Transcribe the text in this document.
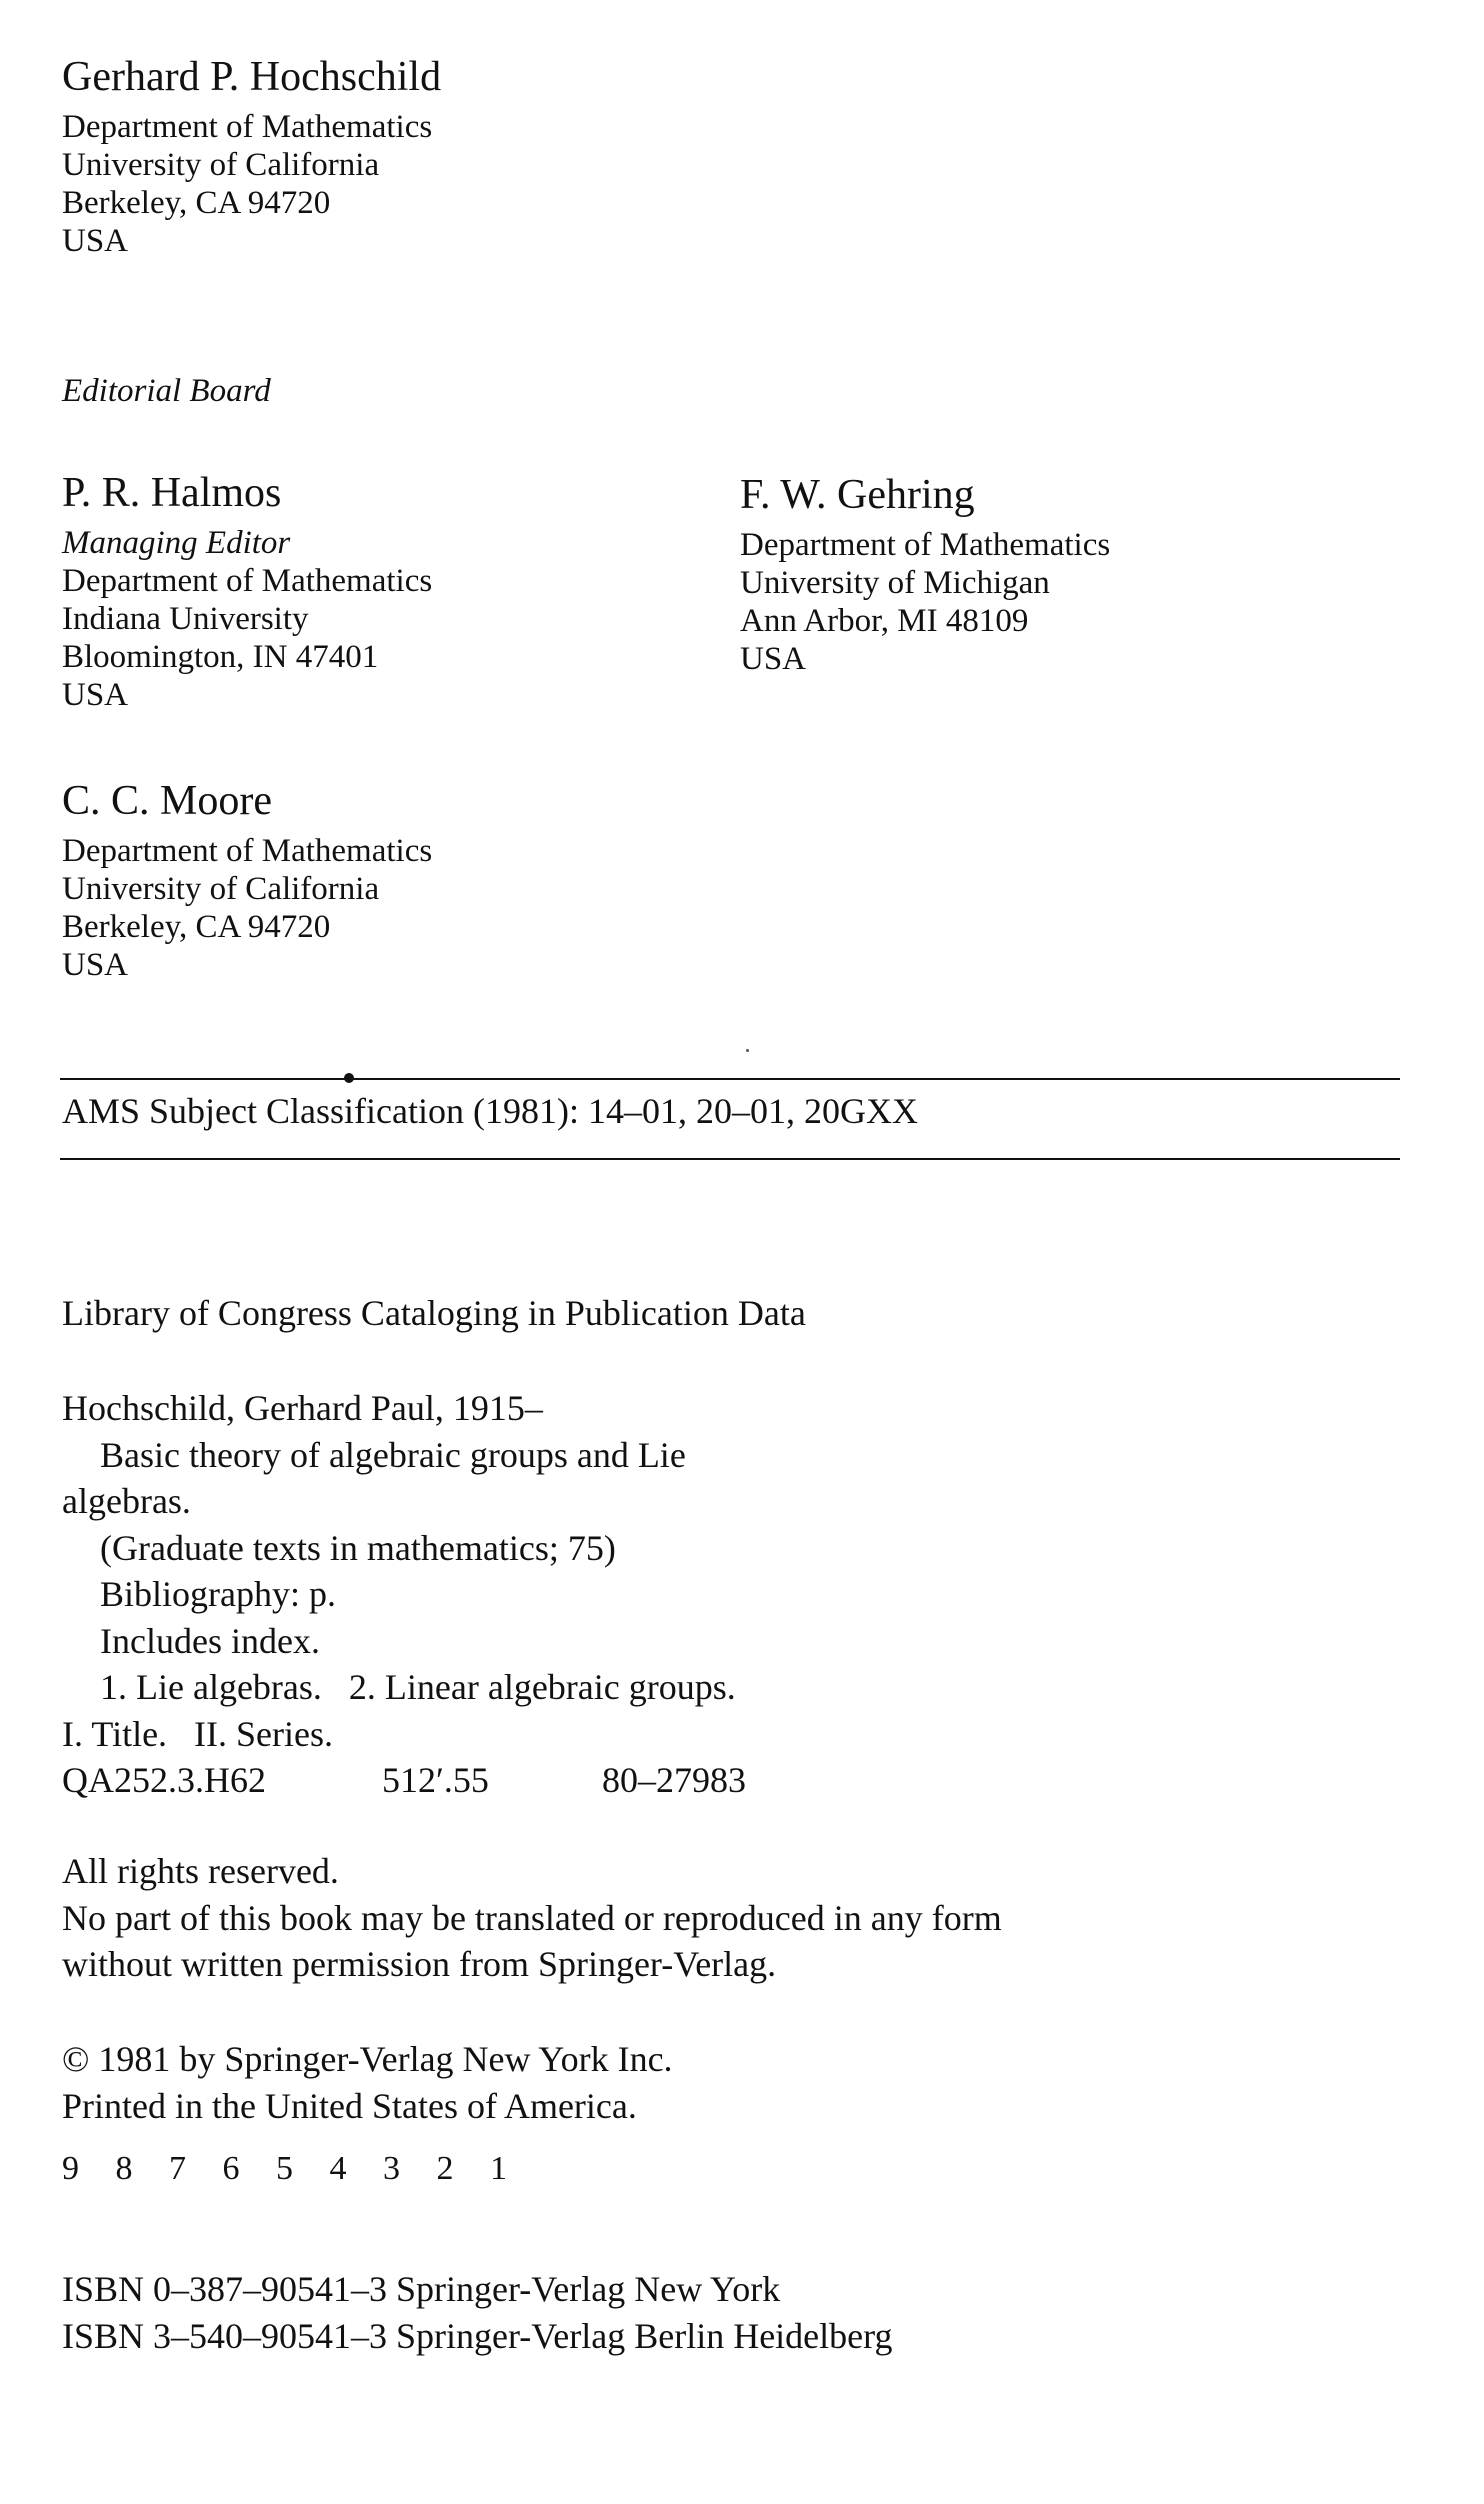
Gerhard P. Hochschild
Department of Mathematics
University of California
Berkeley, CA 94720
USA
Editorial Board
P. R. Halmos
Managing Editor
Department of Mathematics
Indiana University
Bloomington, IN 47401
USA
F. W. Gehring
Department of Mathematics
University of Michigan
Ann Arbor, MI 48109
USA
C. C. Moore
Department of Mathematics
University of California
Berkeley, CA 94720
USA
AMS Subject Classification (1981): 14–01, 20–01, 20GXX
Library of Congress Cataloging in Publication Data
Hochschild, Gerhard Paul, 1915–
Basic theory of algebraic groups and Lie
algebras.
(Graduate texts in mathematics; 75)
Bibliography: p.
Includes index.
1. Lie algebras.   2. Linear algebraic groups.
I. Title.   II. Series.
QA252.3.H62	512′.55	80–27983
All rights reserved.
No part of this book may be translated or reproduced in any form
without written permission from Springer-Verlag.
© 1981 by Springer-Verlag New York Inc.
Printed in the United States of America.
9 8 7 6 5 4 3 2 1
ISBN 0–387–90541–3 Springer-Verlag New York
ISBN 3–540–90541–3 Springer-Verlag Berlin Heidelberg
